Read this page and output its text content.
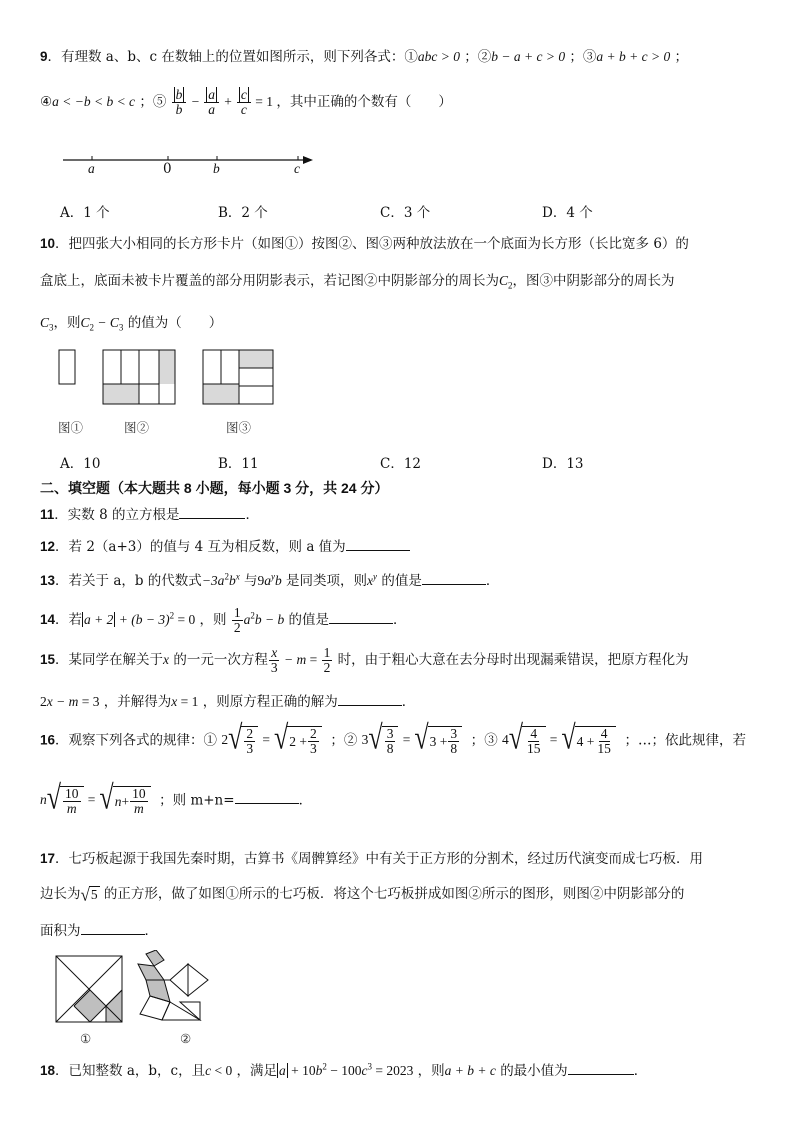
9．有理数 a、b、c 在数轴上的位置如图所示，则下列各式：①abc > 0 ；②b − a + c > 0 ；③a + b + c > 0 ；
④a < −b < b < c ；⑤ $\frac{b}{b} - \frac{a}{a} + \frac{c}{c} = 1$ ，其中正确的个数有（　　）
a	0	b	c
A．1 个	B．2 个	C．3 个	D．4 个
10．把四张大小相同的长方形卡片（如图①）按图②、图③两种放法放在一个底面为长方形（长比宽多 6）的
盒底上，底面未被卡片覆盖的部分用阴影表示，若记图②中阴影部分的周长为$C_2$，图③中阴影部分的周长为
$C_3$，则$C_2 - C_3$ 的值为（　　）
图①	图②	图③
A．10	B．11	C．12	D．13
二、填空题（本大题共 8 小题，每小题 3 分，共 24 分）
11．实数 8 的立方根是	．
12．若 2（a+3）的值与 4 互为相反数，则 a 值为
13．若关于 a，b 的代数式$-3a^2b^x$ 与$9a^yb$ 是同类项，则$x^y$ 的值是	．
14．若 $a + 2 + (b - 3)^2 = 0$ ，则 $\frac{1}{2} a^2b - b$ 的值是	．
15．某同学在解关于x 的一元一次方程 $\frac{x}{3} - m = \frac{1}{2}$ 时，由于粗心大意在去分母时出现漏乘错误，把原方程化为
2x − m = 3 ，并解得为x = 1 ，则原方程正确的解为	．
16．观察下列各式的规律：① 2 √ $\frac{2}{3}$ = √ $2 + \frac{2}{3}$ ；② 3 √ $\frac{3}{8}$ = √ $3 + \frac{3}{8}$ ；③ 4 √ $\frac{4}{15}$ = √ $4 + \frac{4}{15}$ ；…；依此规律，若
n √ $\frac{10}{m}$ = √ $n + \frac{10}{m}$ ；则 m+n=	．
17．七巧板起源于我国先秦时期，古算书《周髀算经》中有关于正方形的分割术，经过历代演变而成七巧板．用
边长为 √ 5 的正方形，做了如图①所示的七巧板．将这个七巧板拼成如图②所示的图形，则图②中阴影部分的
面积为	．
①	②
18．已知整数 a，b，c，且c < 0 ，满足 $a + 10b^2 - 100c^3 = 2023$ ，则a + b + c 的最小值为	．
